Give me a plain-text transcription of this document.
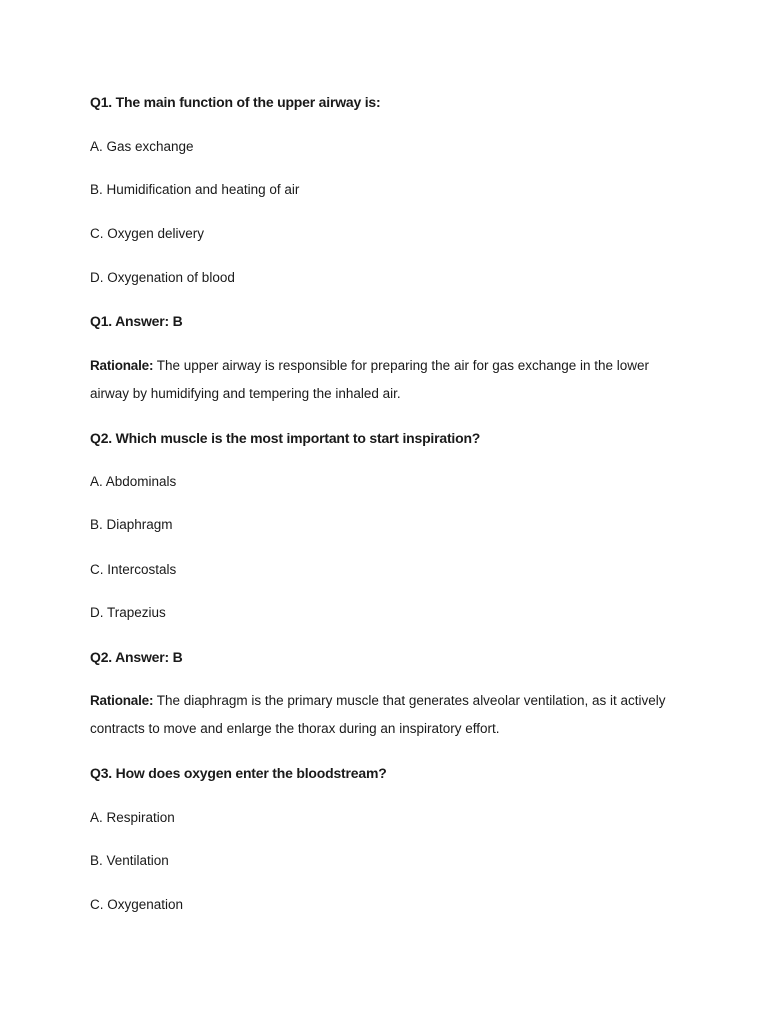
Q1. The main function of the upper airway is:
A. Gas exchange
B. Humidification and heating of air
C. Oxygen delivery
D. Oxygenation of blood
Q1. Answer: B
Rationale: The upper airway is responsible for preparing the air for gas exchange in the lower airway by humidifying and tempering the inhaled air.
Q2. Which muscle is the most important to start inspiration?
A. Abdominals
B. Diaphragm
C. Intercostals
D. Trapezius
Q2. Answer: B
Rationale: The diaphragm is the primary muscle that generates alveolar ventilation, as it actively contracts to move and enlarge the thorax during an inspiratory effort.
Q3. How does oxygen enter the bloodstream?
A. Respiration
B. Ventilation
C. Oxygenation
